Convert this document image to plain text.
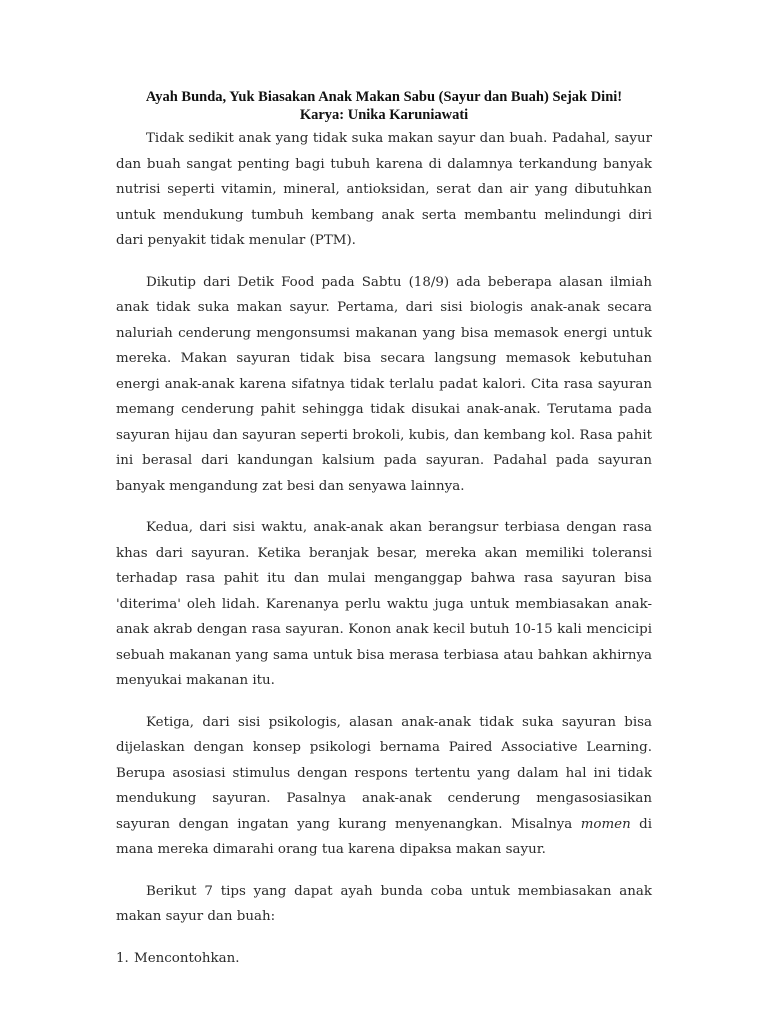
Ayah Bunda, Yuk Biasakan Anak Makan Sabu (Sayur dan Buah) Sejak Dini!
Karya: Unika Karuniawati

Tidak sedikit anak yang tidak suka makan sayur dan buah. Padahal, sayur dan buah sangat penting bagi tubuh karena di dalamnya terkandung banyak nutrisi seperti vitamin, mineral, antioksidan, serat dan air yang dibutuhkan untuk mendukung tumbuh kembang anak serta membantu melindungi diri dari penyakit tidak menular (PTM).

Dikutip dari Detik Food pada Sabtu (18/9) ada beberapa alasan ilmiah anak tidak suka makan sayur. Pertama, dari sisi biologis anak-anak secara naluriah cenderung mengonsumsi makanan yang bisa memasok energi untuk mereka. Makan sayuran tidak bisa secara langsung memasok kebutuhan energi anak-anak karena sifatnya tidak terlalu padat kalori. Cita rasa sayuran memang cenderung pahit sehingga tidak disukai anak-anak. Terutama pada sayuran hijau dan sayuran seperti brokoli, kubis, dan kembang kol. Rasa pahit ini berasal dari kandungan kalsium pada sayuran. Padahal pada sayuran banyak mengandung zat besi dan senyawa lainnya.

Kedua, dari sisi waktu, anak-anak akan berangsur terbiasa dengan rasa khas dari sayuran. Ketika beranjak besar, mereka akan memiliki toleransi terhadap rasa pahit itu dan mulai menganggap bahwa rasa sayuran bisa 'diterima' oleh lidah. Karenanya perlu waktu juga untuk membiasakan anak-anak akrab dengan rasa sayuran. Konon anak kecil butuh 10-15 kali mencicipi sebuah makanan yang sama untuk bisa merasa terbiasa atau bahkan akhirnya menyukai makanan itu.

Ketiga, dari sisi psikologis, alasan anak-anak tidak suka sayuran bisa dijelaskan dengan konsep psikologi bernama Paired Associative Learning. Berupa asosiasi stimulus dengan respons tertentu yang dalam hal ini tidak mendukung sayuran. Pasalnya anak-anak cenderung mengasosiasikan sayuran dengan ingatan yang kurang menyenangkan. Misalnya momen di mana mereka dimarahi orang tua karena dipaksa makan sayur.

Berikut 7 tips yang dapat ayah bunda coba untuk membiasakan anak makan sayur dan buah:

1. Mencontohkan.
